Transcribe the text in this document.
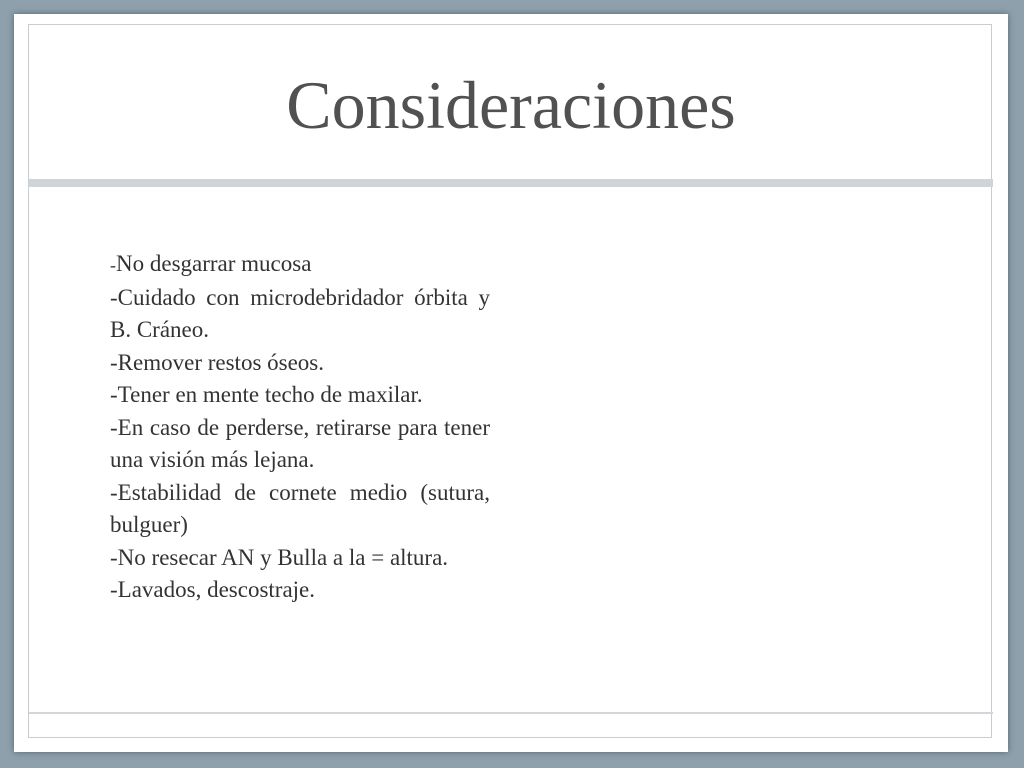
Consideraciones
-No desgarrar mucosa
-Cuidado con microdebridador órbita y B. Cráneo.
-Remover restos óseos.
-Tener en mente techo de maxilar.
-En caso de perderse, retirarse para tener una visión más lejana.
-Estabilidad de cornete medio (sutura, bulguer)
-No resecar AN y Bulla a la = altura.
-Lavados, descostraje.
